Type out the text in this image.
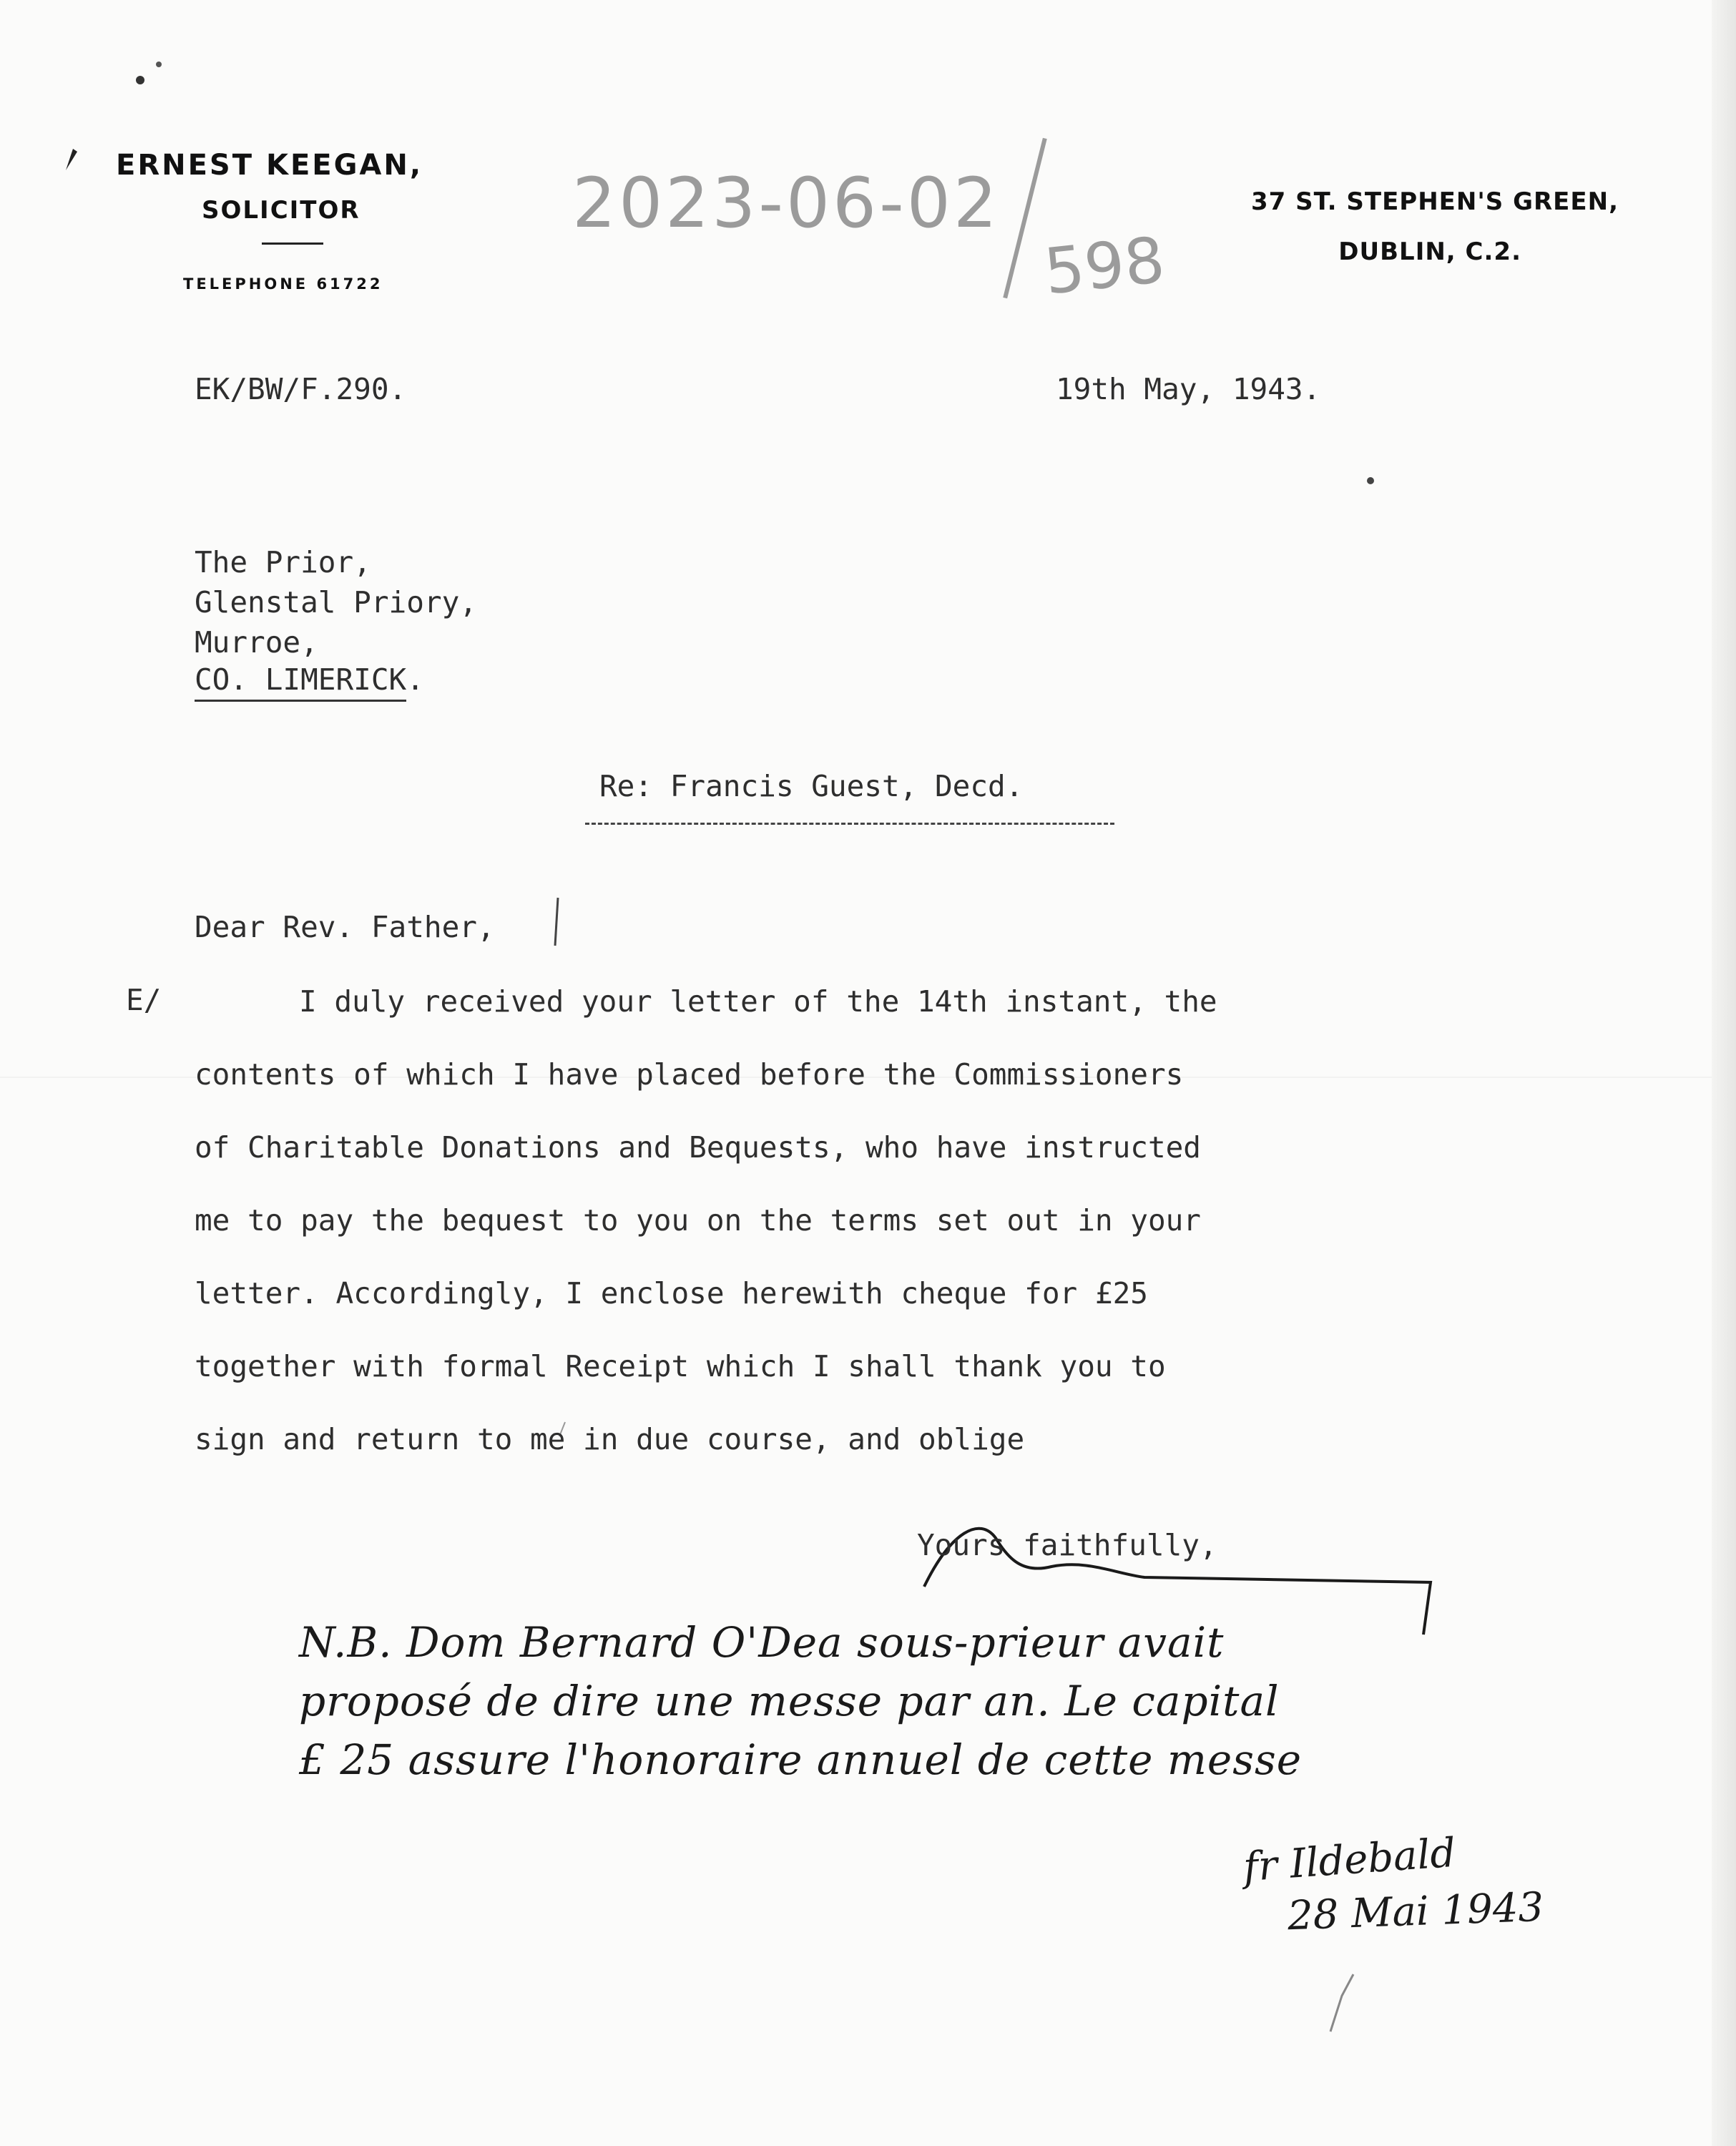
ERNEST KEEGAN,
SOLICITOR
TELEPHONE 61722
37 ST. STEPHEN'S GREEN,
DUBLIN, C.2.
2023-06-02
598
EK/BW/F.290.	19th May, 1943.
The Prior,
Glenstal Priory,
Murroe,
CO. LIMERICK.
Re: Francis Guest, Decd.
Dear Rev. Father,
E/	I duly received your letter of the 14th instant, the
contents of which I have placed before the Commissioners
of Charitable Donations and Bequests, who have instructed
me to pay the bequest to you on the terms set out in your
letter. Accordingly, I enclose herewith cheque for £25
together with formal Receipt which I shall thank you to
sign and return to me in due course, and oblige
Yours faithfully,
N.B. Dom Bernard O'Dea sous-prieur avait
proposé de dire une messe par an. Le capital
£ 25 assure l'honoraire annuel de cette messe
fr Ildebald
28 Mai 1943
